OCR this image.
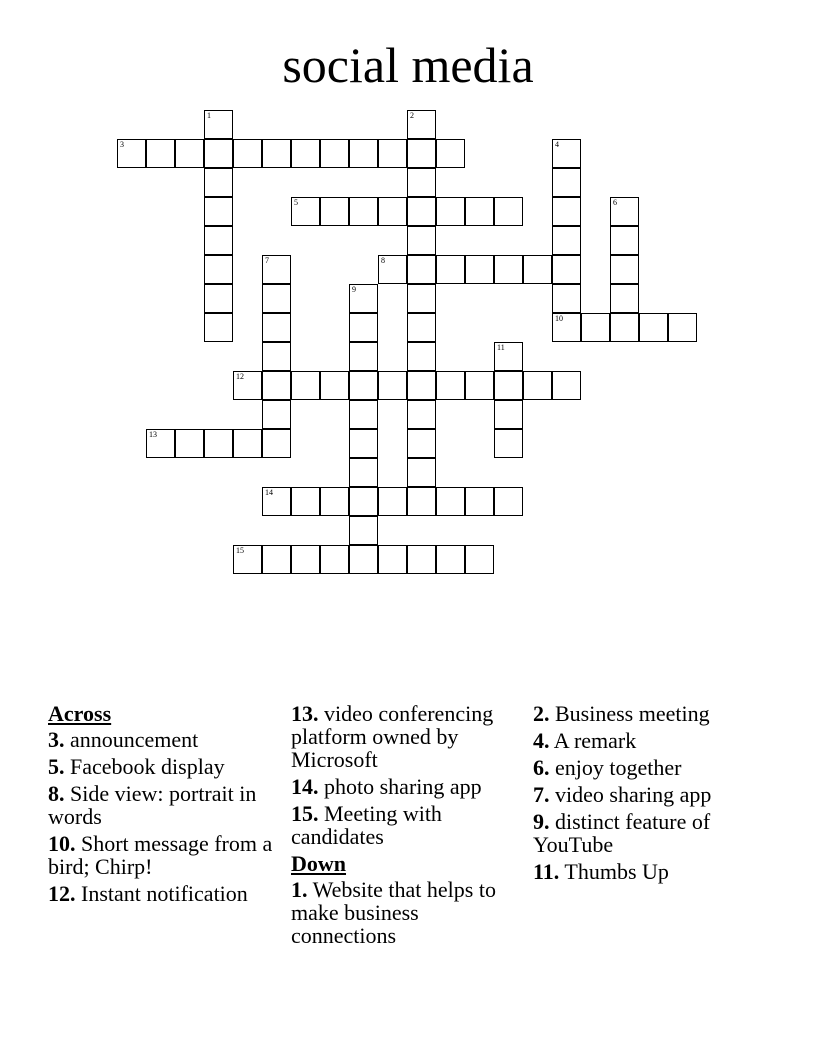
social media
1	2
3	4
10
5	6
7	8
9
11
12
13
14
15
Across
3. announcement
5. Facebook display
8. Side view: portrait in words
10. Short message from a bird; Chirp!
12. Instant notification
13. video conferencing platform owned by Microsoft
14. photo sharing app
15. Meeting with candidates
Down
1. Website that helps to make business connections
2. Business meeting
4. A remark
6. enjoy together
7. video sharing app
9. distinct feature of YouTube
11. Thumbs Up
